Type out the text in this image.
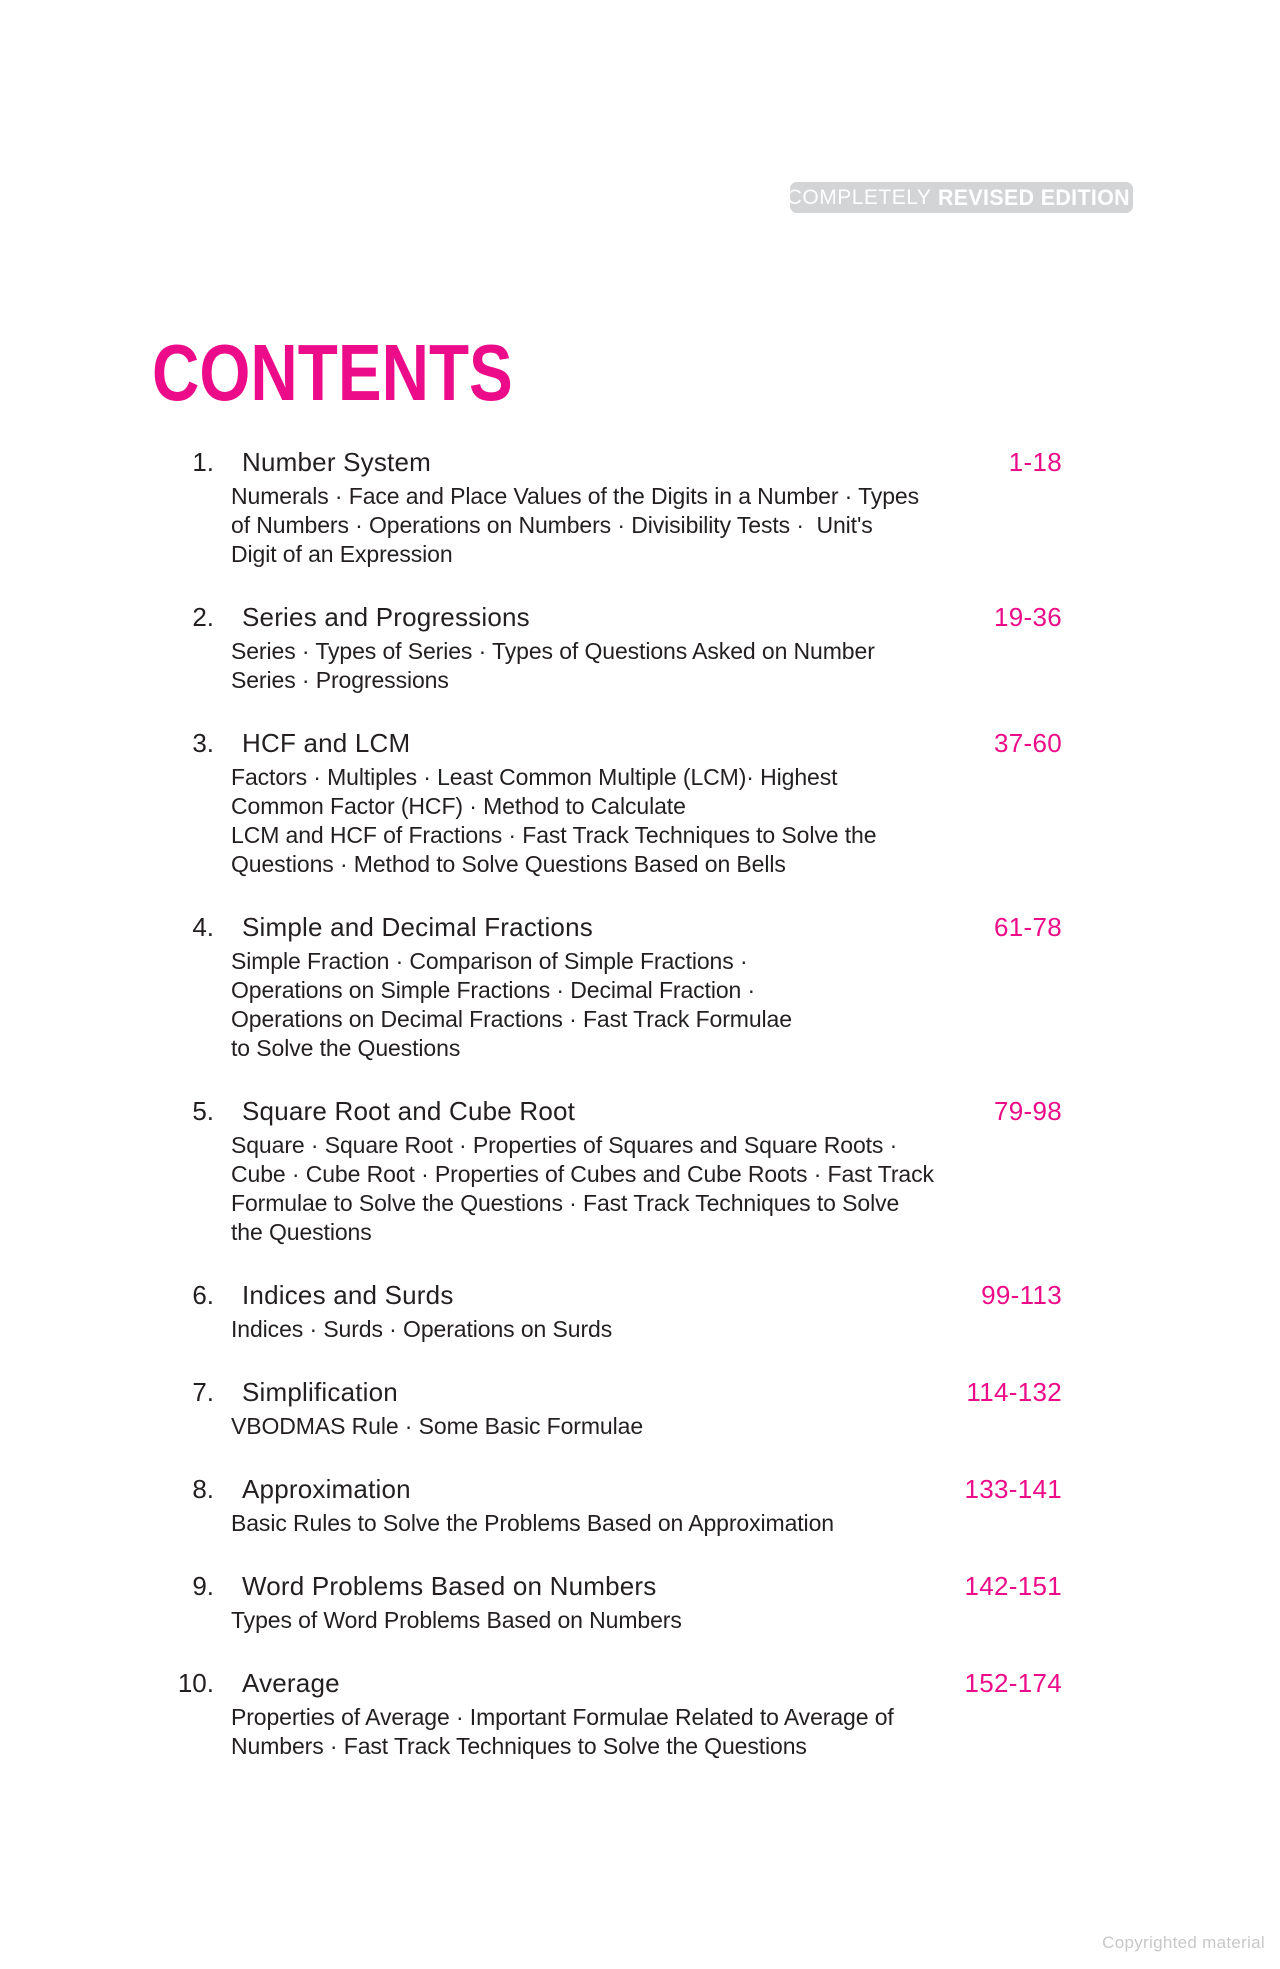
COMPLETELY REVISED EDITION
CONTENTS
1. Number System	1-18
Numerals · Face and Place Values of the Digits in a Number · Types
of Numbers · Operations on Numbers · Divisibility Tests ·  Unit's
Digit of an Expression
2. Series and Progressions	19-36
Series · Types of Series · Types of Questions Asked on Number
Series · Progressions
3. HCF and LCM	37-60
Factors · Multiples · Least Common Multiple (LCM)· Highest
Common Factor (HCF) · Method to Calculate
LCM and HCF of Fractions · Fast Track Techniques to Solve the
Questions · Method to Solve Questions Based on Bells
4. Simple and Decimal Fractions	61-78
Simple Fraction · Comparison of Simple Fractions ·
Operations on Simple Fractions · Decimal Fraction ·
Operations on Decimal Fractions · Fast Track Formulae
to Solve the Questions
5. Square Root and Cube Root	79-98
Square · Square Root · Properties of Squares and Square Roots ·
Cube · Cube Root · Properties of Cubes and Cube Roots · Fast Track
Formulae to Solve the Questions · Fast Track Techniques to Solve
the Questions
6. Indices and Surds	99-113
Indices · Surds · Operations on Surds
7. Simplification	114-132
VBODMAS Rule · Some Basic Formulae
8. Approximation	133-141
Basic Rules to Solve the Problems Based on Approximation
9. Word Problems Based on Numbers	142-151
Types of Word Problems Based on Numbers
10. Average	152-174
Properties of Average · Important Formulae Related to Average of
Numbers · Fast Track Techniques to Solve the Questions
Copyrighted material
